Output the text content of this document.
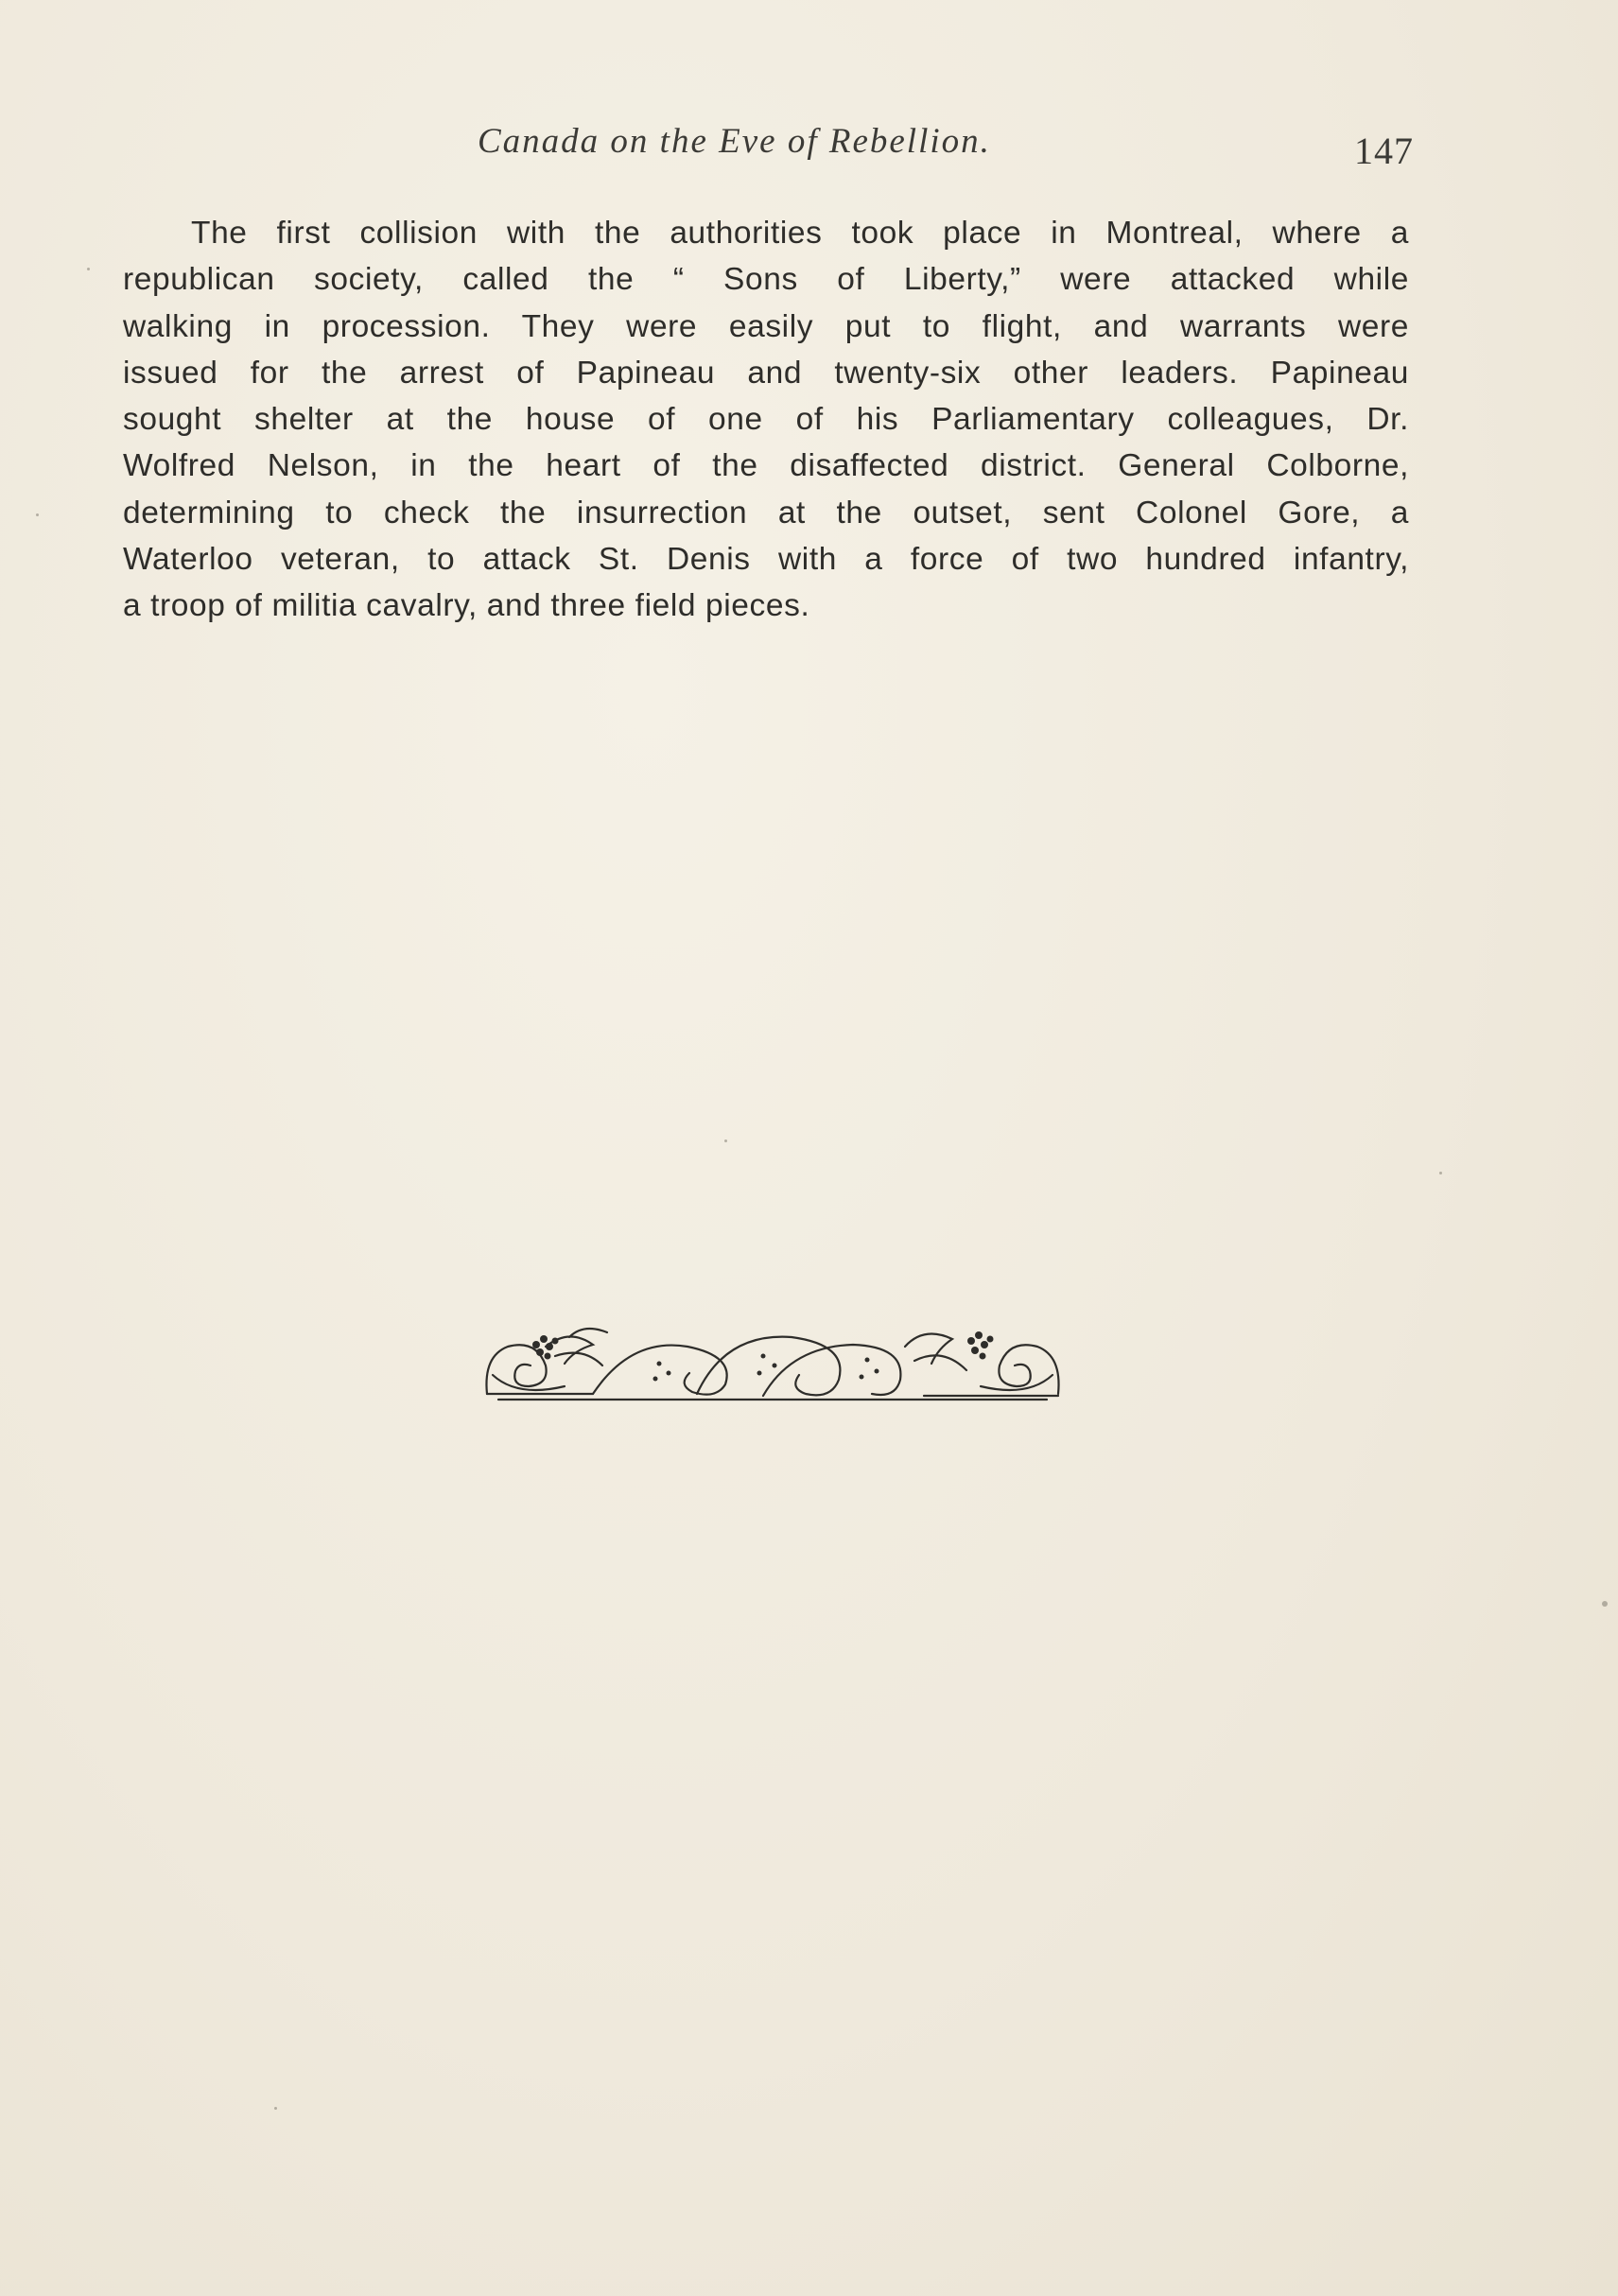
Canada on the Eve of Rebellion.	147
The first collision with the authorities took place in Montreal, where a
republican society, called the “ Sons of Liberty,” were attacked while
walking in procession. They were easily put to flight, and warrants were
issued for the arrest of Papineau and twenty-six other leaders. Papineau
sought shelter at the house of one of his Parliamentary colleagues, Dr.
Wolfred Nelson, in the heart of the disaffected district. General Colborne,
determining to check the insurrection at the outset, sent Colonel Gore, a
Waterloo veteran, to attack St. Denis with a force of two hundred infantry,
a troop of militia cavalry, and three field pieces.
